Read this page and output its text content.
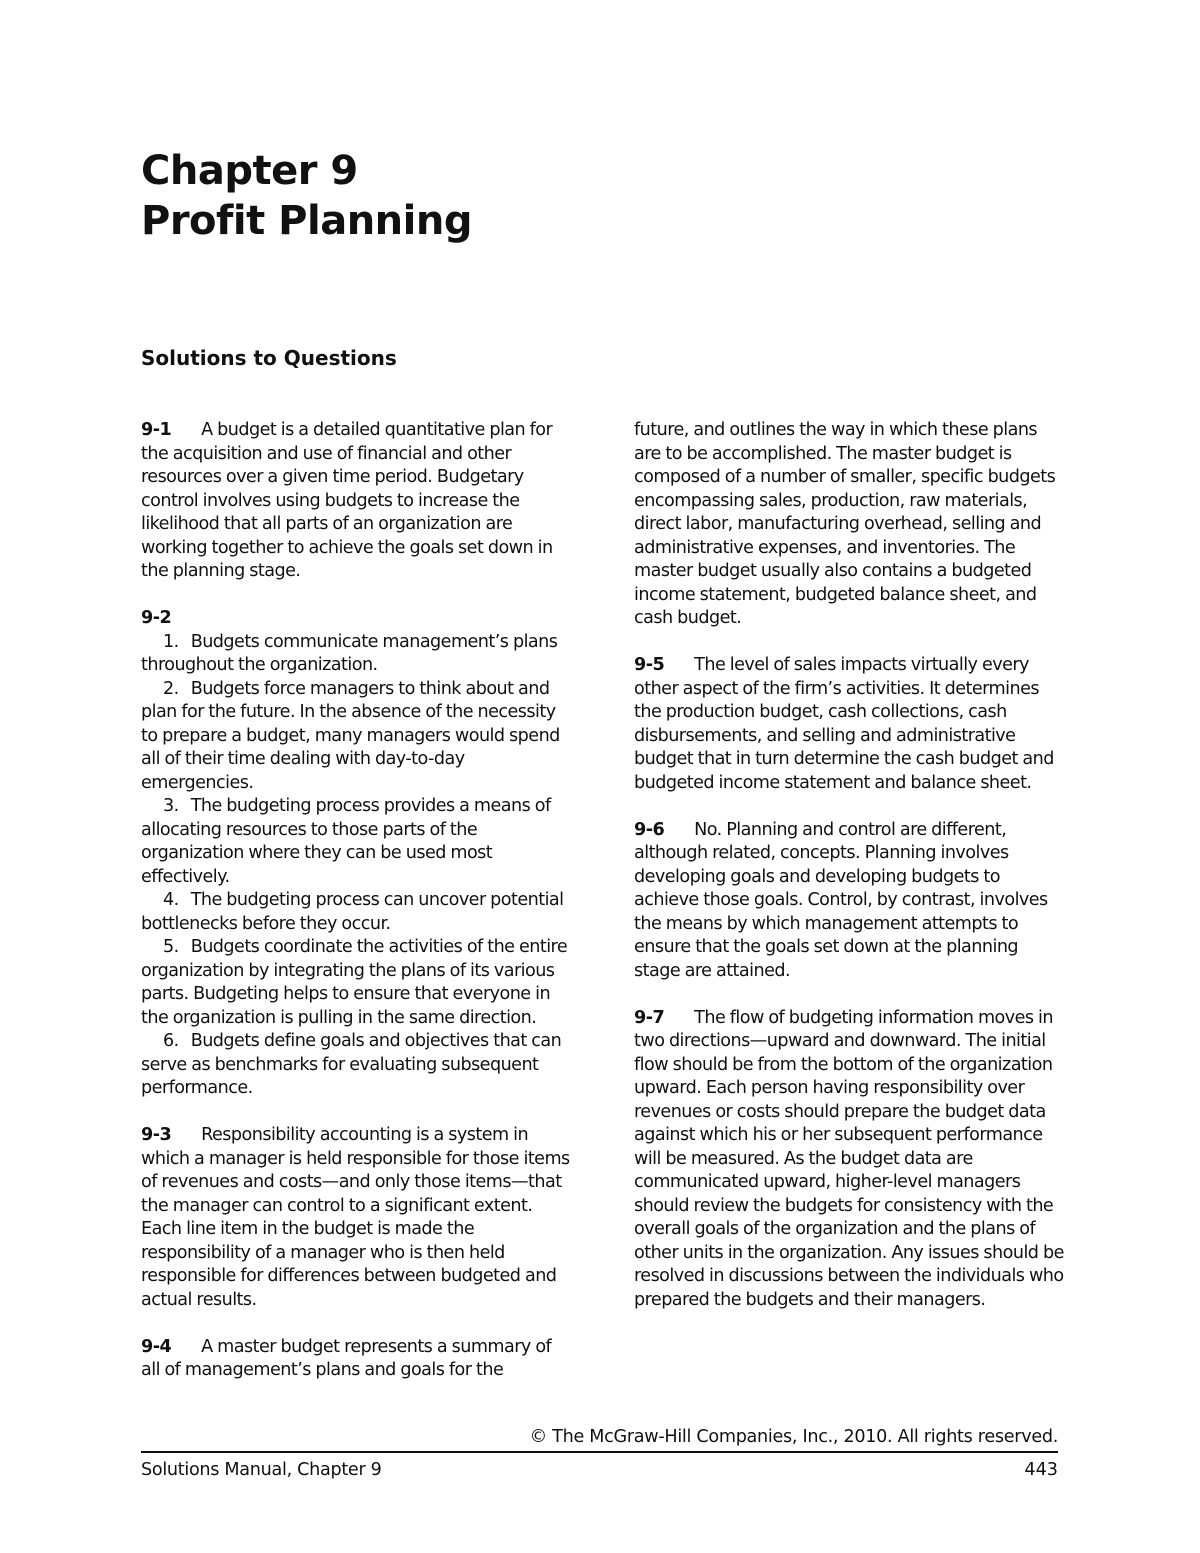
Chapter 9
Profit Planning
Solutions to Questions

9-1 A budget is a detailed quantitative plan for the acquisition and use of financial and other resources over a given time period. Budgetary control involves using budgets to increase the likelihood that all parts of an organization are working together to achieve the goals set down in the planning stage.

9-2
1. Budgets communicate management’s plans throughout the organization.
2. Budgets force managers to think about and plan for the future. In the absence of the necessity to prepare a budget, many managers would spend all of their time dealing with day-to-day emergencies.
3. The budgeting process provides a means of allocating resources to those parts of the organization where they can be used most effectively.
4. The budgeting process can uncover potential bottlenecks before they occur.
5. Budgets coordinate the activities of the entire organization by integrating the plans of its various parts. Budgeting helps to ensure that everyone in the organization is pulling in the same direction.
6. Budgets define goals and objectives that can serve as benchmarks for evaluating subsequent performance.

9-3 Responsibility accounting is a system in which a manager is held responsible for those items of revenues and costs—and only those items—that the manager can control to a significant extent. Each line item in the budget is made the responsibility of a manager who is then held responsible for differences between budgeted and actual results.

9-4 A master budget represents a summary of all of management’s plans and goals for the

future, and outlines the way in which these plans are to be accomplished. The master budget is composed of a number of smaller, specific budgets encompassing sales, production, raw materials, direct labor, manufacturing overhead, selling and administrative expenses, and inventories. The master budget usually also contains a budgeted income statement, budgeted balance sheet, and cash budget.

9-5 The level of sales impacts virtually every other aspect of the firm’s activities. It determines the production budget, cash collections, cash disbursements, and selling and administrative budget that in turn determine the cash budget and budgeted income statement and balance sheet.

9-6 No. Planning and control are different, although related, concepts. Planning involves developing goals and developing budgets to achieve those goals. Control, by contrast, involves the means by which management attempts to ensure that the goals set down at the planning stage are attained.

9-7 The flow of budgeting information moves in two directions—upward and downward. The initial flow should be from the bottom of the organization upward. Each person having responsibility over revenues or costs should prepare the budget data against which his or her subsequent performance will be measured. As the budget data are communicated upward, higher-level managers should review the budgets for consistency with the overall goals of the organization and the plans of other units in the organization. Any issues should be resolved in discussions between the individuals who prepared the budgets and their managers.

© The McGraw-Hill Companies, Inc., 2010. All rights reserved.
Solutions Manual, Chapter 9	443
